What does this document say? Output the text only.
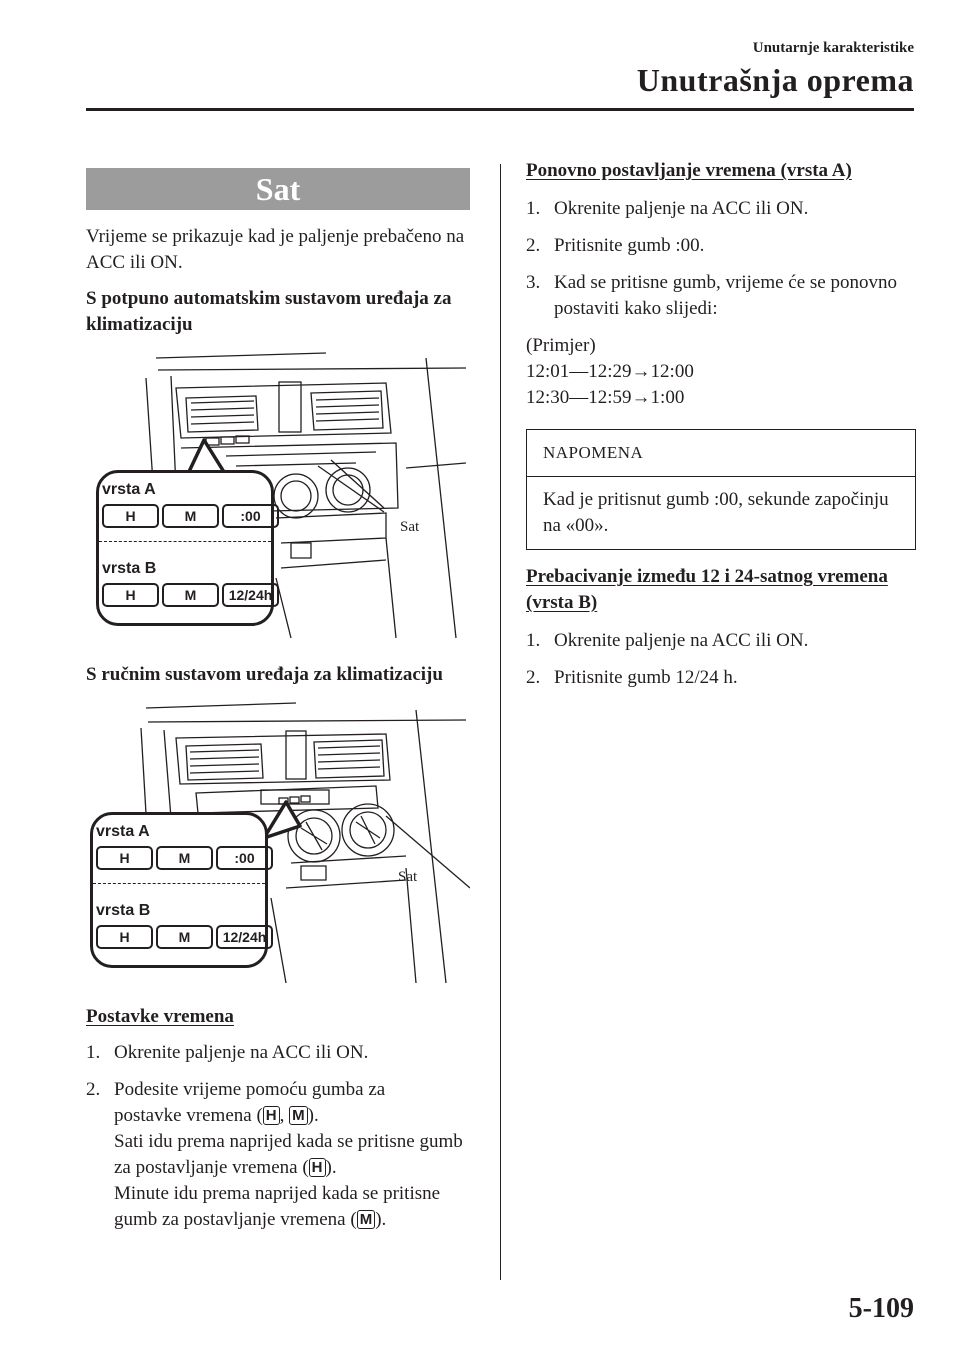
Unutarnje karakteristike
Unutrašnja oprema
Sat

Vrijeme se prikazuje kad je paljenje prebačeno na ACC ili ON.

S potpuno automatskim sustavom uređaja za klimatizaciju

vrsta A
H	M	:00
vrsta B
H	M	12/24h
Sat

S ručnim sustavom uređaja za klimatizaciju

vrsta A
H	M	:00
vrsta B
H	M	12/24h
Sat

Postavke vremena

1. Okrenite paljenje na ACC ili ON.
2. Podesite vrijeme pomoću gumba za
postavke vremena ( H , M ).
Sati idu prema naprijed kada se pritisne gumb za postavljanje vremena ( H ).
Minute idu prema naprijed kada se pritisne gumb za postavljanje vremena ( M ).

Ponovno postavljanje vremena (vrsta A)

1. Okrenite paljenje na ACC ili ON.
2. Pritisnite gumb :00.
3. Kad se pritisne gumb, vrijeme će se ponovno postaviti kako slijedi:
(Primjer)
12:01—12:29→12:00
12:30—12:59→1:00
NAPOMENA
Kad je pritisnut gumb :00, sekunde započinju na «00».

Prebacivanje između 12 i 24-satnog vremena (vrsta B)

1. Okrenite paljenje na ACC ili ON.
2. Pritisnite gumb 12/24 h.
5-109
